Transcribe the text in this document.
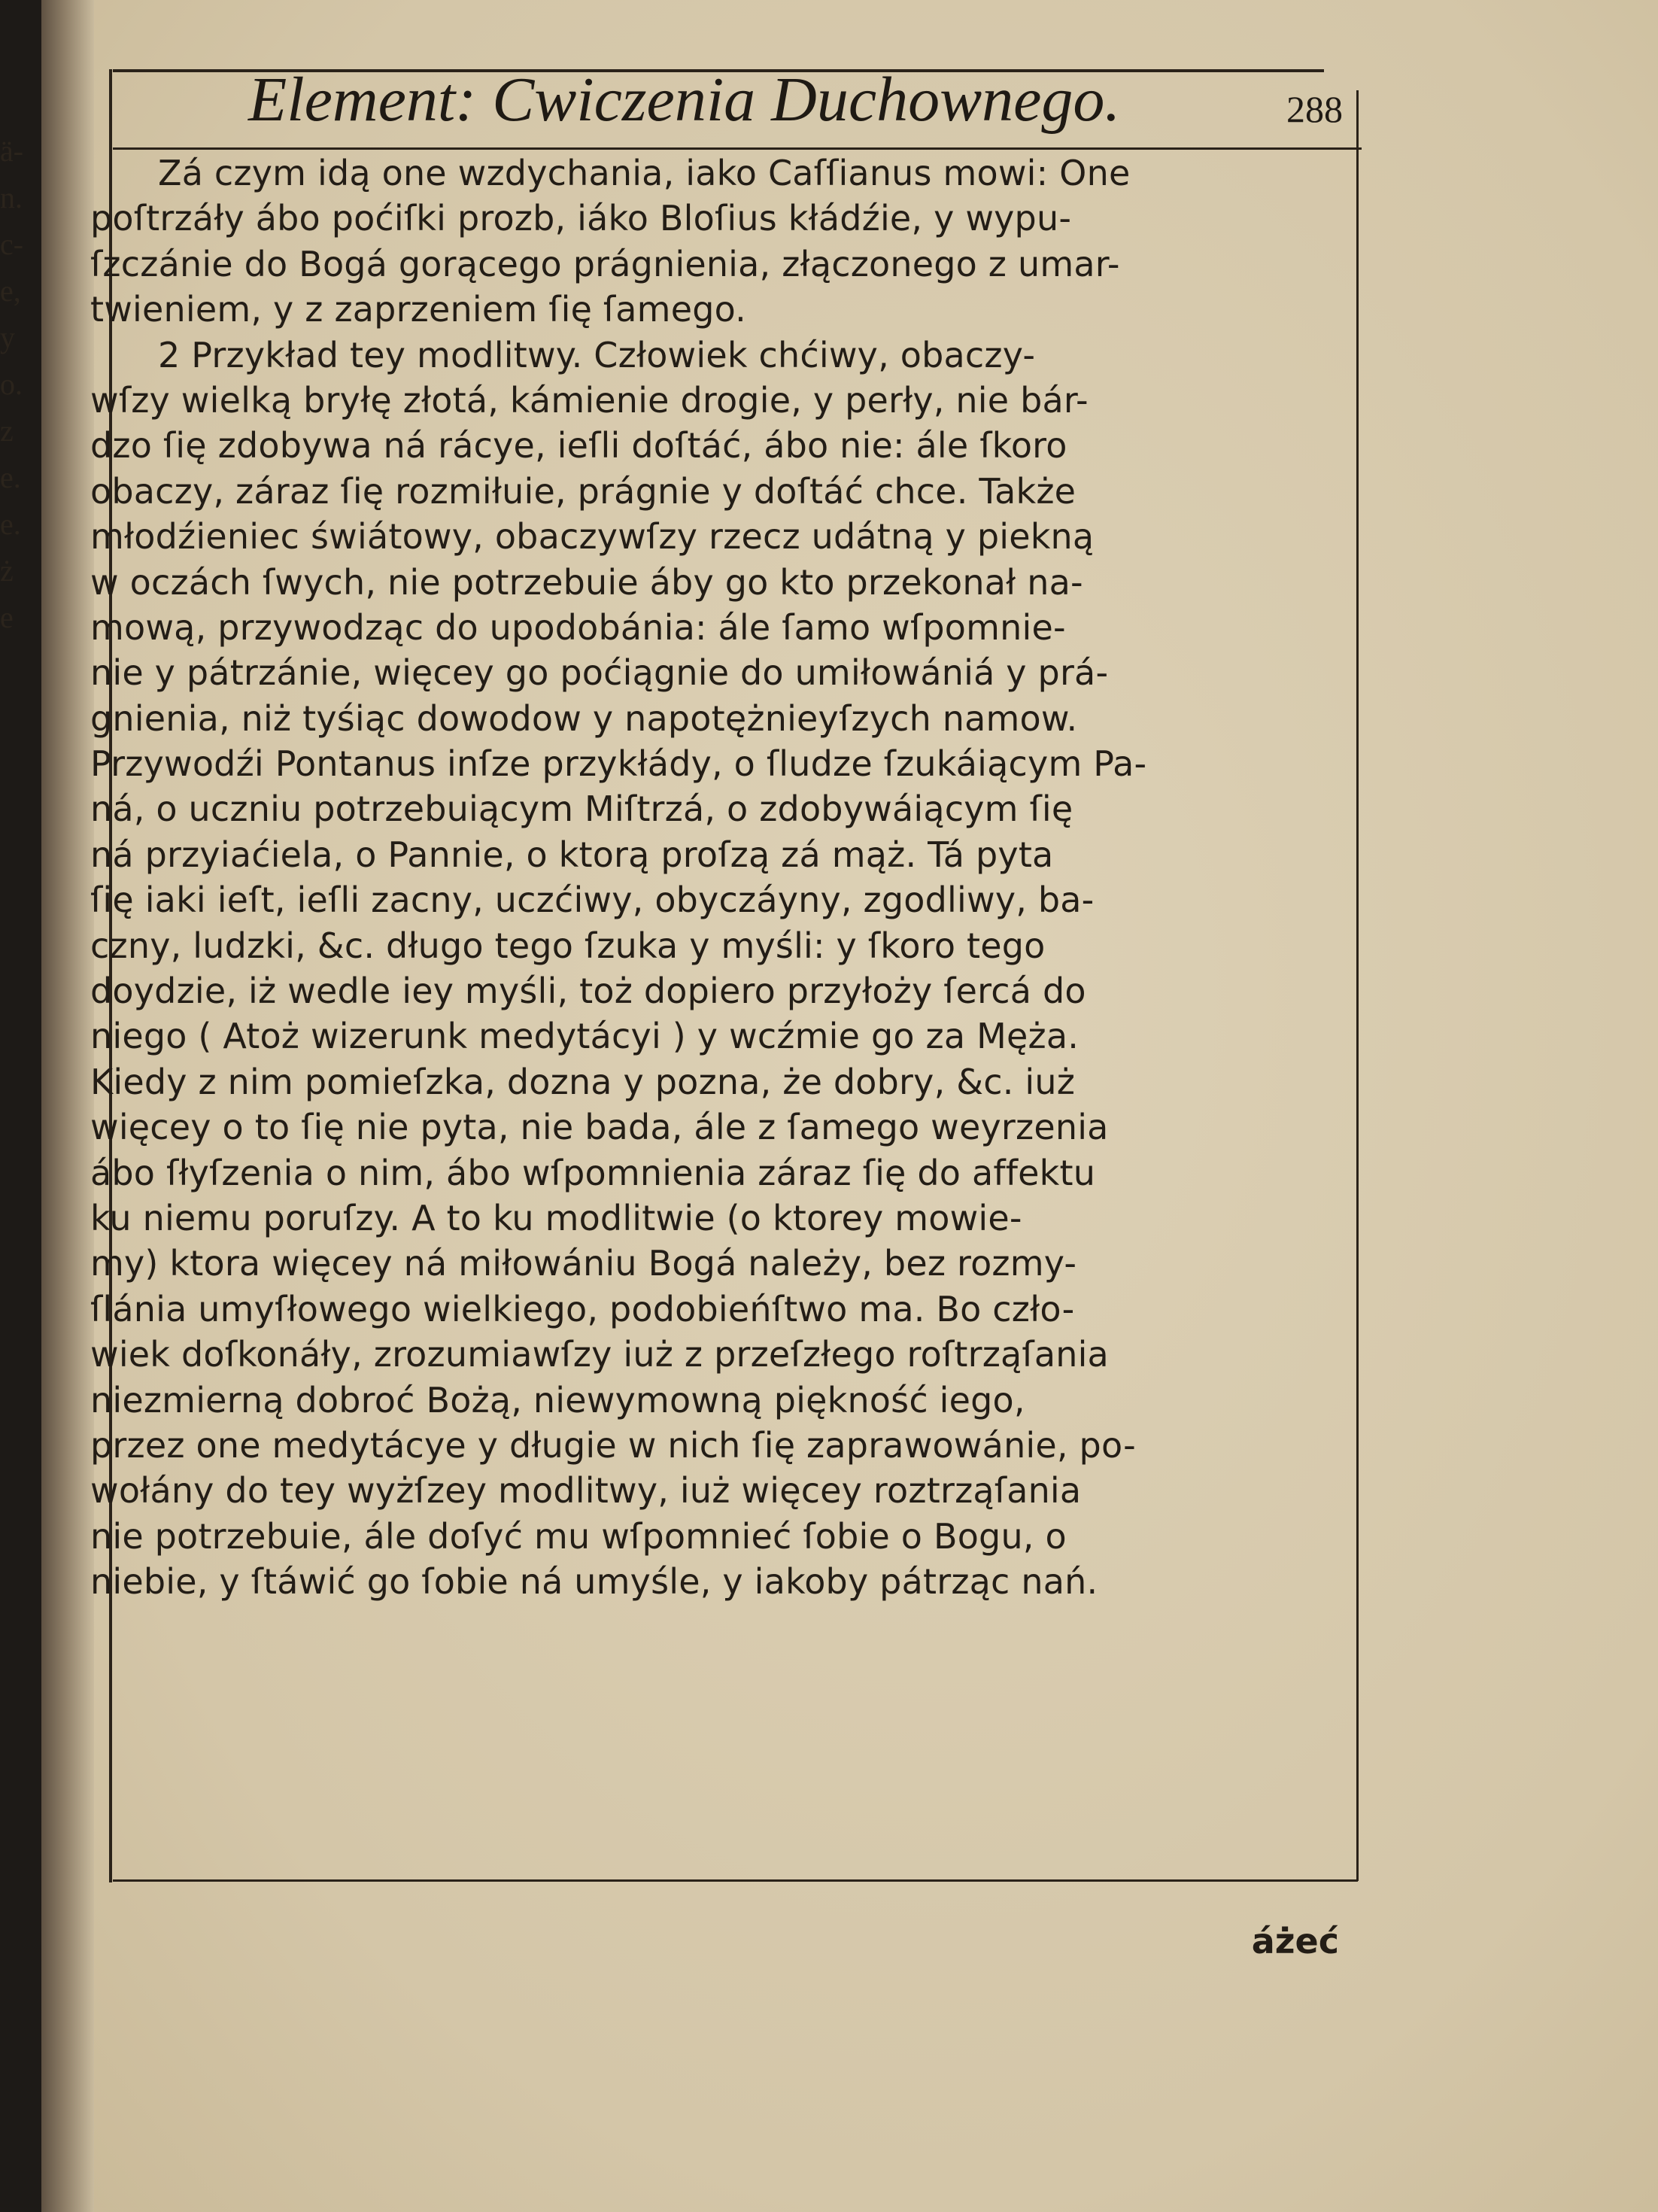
ä-
n.
c-
e,
y
o.
z
e.
e.
ż
e
Element: Cwiczenia Duchownego.	288
Zá czym idą one wzdychania, iako Caſſianus mowi: One
poſtrzáły ábo poćiſki prozb, iáko Bloſius kłádźie, y wypu-
ſzczánie do Bogá gorącego prágnienia, złączonego z umar-
twieniem, y z zaprzeniem ſię ſamego.
2 Przykład tey modlitwy. Człowiek chćiwy, obaczy-
wſzy wielką bryłę złotá, kámienie drogie, y perły, nie bár-
dzo ſię zdobywa ná rácye, ieſli doſtáć, ábo nie: ále ſkoro
obaczy, záraz ſię rozmiłuie, prágnie y doſtáć chce. Także
młodźieniec świátowy, obaczywſzy rzecz udátną y piekną
w oczách ſwych, nie potrzebuie áby go kto przekonał na-
mową, przywodząc do upodobánia: ále ſamo wſpomnie-
nie y pátrzánie, więcey go poćiągnie do umiłowániá y prá-
gnienia, niż tyśiąc dowodow y napotężnieyſzych namow.
Przywodźi Pontanus inſze przykłády, o ſludze ſzukáiącym Pa-
ná, o uczniu potrzebuiącym Miſtrzá, o zdobywáiącym ſię
ná przyiaćiela, o Pannie, o ktorą proſzą zá mąż. Tá pyta
ſię iaki ieſt, ieſli zacny, uczćiwy, obyczáyny, zgodliwy, ba-
czny, ludzki, &c. długo tego ſzuka y myśli: y ſkoro tego
doydzie, iż wedle iey myśli, toż dopiero przyłoży ſercá do
niego ( Atoż wizerunk medytácyi ) y wcźmie go za Męża.
Kiedy z nim pomieſzka, dozna y pozna, że dobry, &c. iuż
więcey o to ſię nie pyta, nie bada, ále z ſamego weyrzenia
ábo ſłyſzenia o nim, ábo wſpomnienia záraz ſię do affektu
ku niemu poruſzy. A to ku modlitwie (o ktorey mowie-
my) ktora więcey ná miłowániu Bogá należy, bez rozmy-
ſlánia umyſłowego wielkiego, podobieńſtwo ma. Bo czło-
wiek doſkonáły, zrozumiawſzy iuż z przeſzłego roſtrząſania
niezmierną dobroć Bożą, niewymowną piękność iego,
przez one medytácye y długie w nich ſię zaprawowánie, po-
wołány do tey wyżſzey modlitwy, iuż więcey roztrząſania
nie potrzebuie, ále doſyć mu wſpomnieć ſobie o Bogu, o
niebie, y ſtáwić go ſobie ná umyśle, y iakoby pátrząc nań.
áżeć
